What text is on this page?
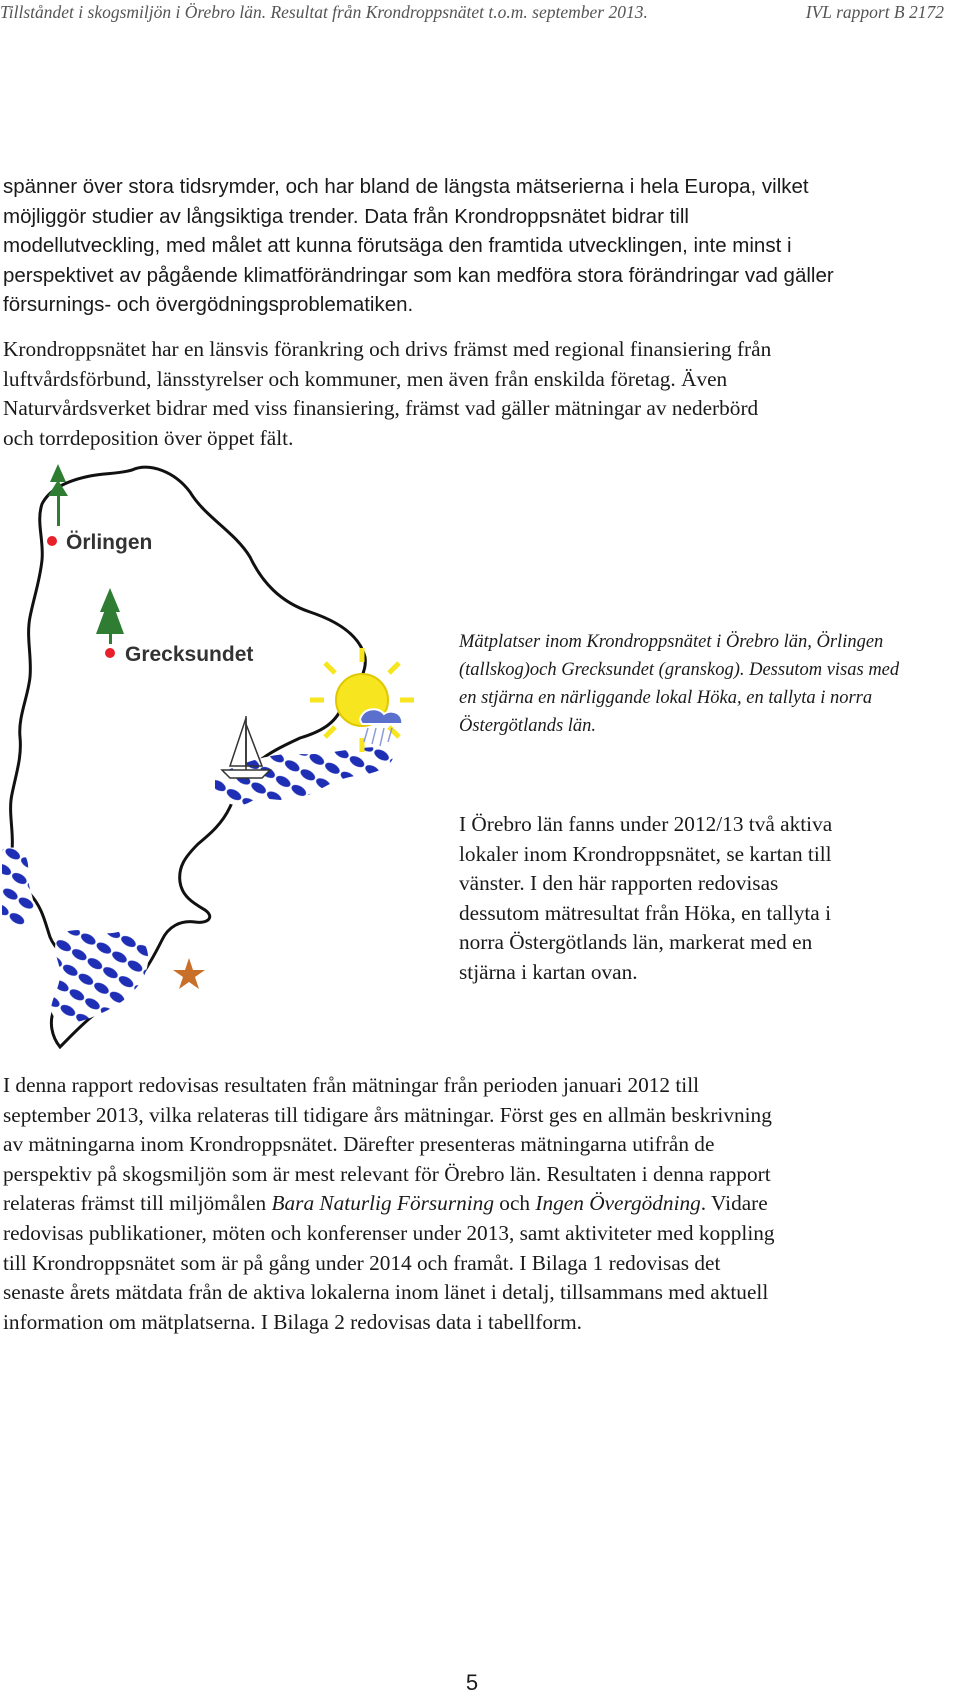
Tillståndet i skogsmiljön i Örebro län. Resultat från Krondroppsnätet t.o.m. september 2013.	IVL rapport B 2172

spänner över stora tidsrymder, och har bland de längsta mätserierna i hela Europa, vilket
möjliggör studier av långsiktiga trender. Data från Krondroppsnätet bidrar till
modellutveckling, med målet att kunna förutsäga den framtida utvecklingen, inte minst i
perspektivet av pågående klimatförändringar som kan medföra stora förändringar vad gäller
försurnings- och övergödningsproblematiken.

Krondroppsnätet har en länsvis förankring och drivs främst med regional finansiering från
luftvårdsförbund, länsstyrelser och kommuner, men även från enskilda företag. Även
Naturvårdsverket bidrar med viss finansiering, främst vad gäller mätningar av nederbörd
och torrdeposition över öppet fält.

Örlingen
Grecksundet

Mätplatser inom Krondroppsnätet i Örebro län, Örlingen
(tallskog)och Grecksundet (granskog). Dessutom visas med
en stjärna en närliggande lokal Höka, en tallyta i norra
Östergötlands län.

I Örebro län fanns under 2012/13 två aktiva
lokaler inom Krondroppsnätet, se kartan till
vänster. I den här rapporten redovisas
dessutom mätresultat från Höka, en tallyta i
norra Östergötlands län, markerat med en
stjärna i kartan ovan.

I denna rapport redovisas resultaten från mätningar från perioden januari 2012 till
september 2013, vilka relateras till tidigare års mätningar. Först ges en allmän beskrivning
av mätningarna inom Krondroppsnätet. Därefter presenteras mätningarna utifrån de
perspektiv på skogsmiljön som är mest relevant för Örebro län. Resultaten i denna rapport
relateras främst till miljömålen Bara Naturlig Försurning och Ingen Övergödning. Vidare
redovisas publikationer, möten och konferenser under 2013, samt aktiviteter med koppling
till Krondroppsnätet som är på gång under 2014 och framåt. I Bilaga 1 redovisas det
senaste årets mätdata från de aktiva lokalerna inom länet i detalj, tillsammans med aktuell
information om mätplatserna. I Bilaga 2 redovisas data i tabellform.

5
